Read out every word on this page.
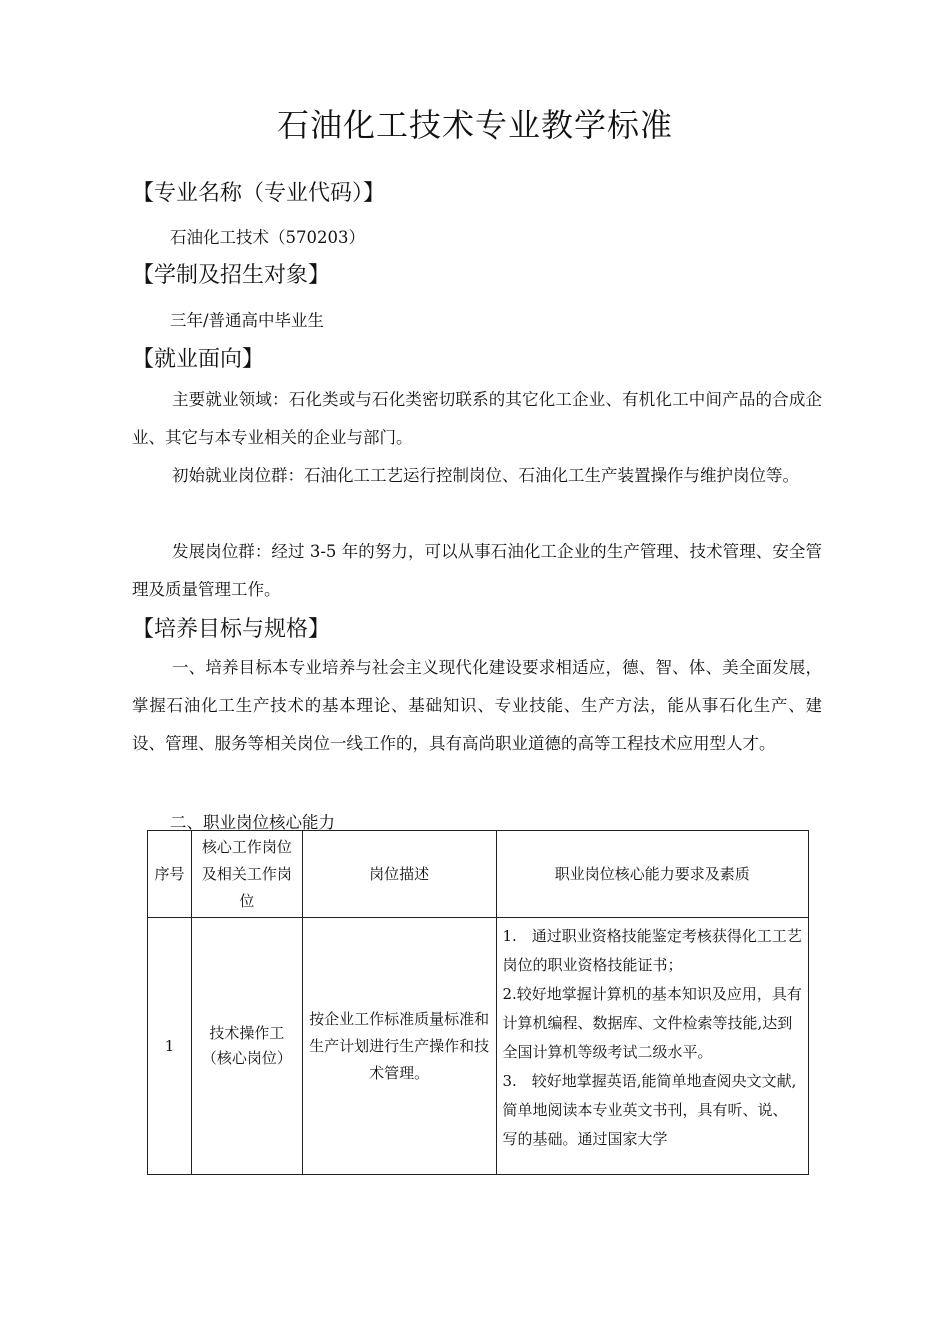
石油化工技术专业教学标准
【专业名称（专业代码）】
石油化工技术（570203）
【学制及招生对象】
三年/普通高中毕业生
【就业面向】
主要就业领域：石化类或与石化类密切联系的其它化工企业、有机化工中间产品的合成企业、其它与本专业相关的企业与部门。
初始就业岗位群：石油化工工艺运行控制岗位、石油化工生产装置操作与维护岗位等。
发展岗位群：经过 3-5 年的努力，可以从事石油化工企业的生产管理、技术管理、安全管理及质量管理工作。
【培养目标与规格】
一、培养目标本专业培养与社会主义现代化建设要求相适应，德、智、体、美全面发展，掌握石油化工生产技术的基本理论、基础知识、专业技能、生产方法，能从事石化生产、建设、管理、服务等相关岗位一线工作的，具有高尚职业道德的高等工程技术应用型人才。
二、职业岗位核心能力
序号	核心工作岗位及相关工作岗位	岗位描述	职业岗位核心能力要求及素质
1	技术操作工（核心岗位）	按企业工作标准质量标准和生产计划进行生产操作和技术管理。	1.　通过职业资格技能鉴定考核获得化工工艺岗位的职业资格技能证书；
2.较好地掌握计算机的基本知识及应用，具有计算机编程、数据库、文件检索等技能,达到全国计算机等级考试二级水平。
3.　较好地掌握英语,能简单地查阅央文文献,简单地阅读本专业英文书刊，具有听、说、写的基础。通过国家大学
